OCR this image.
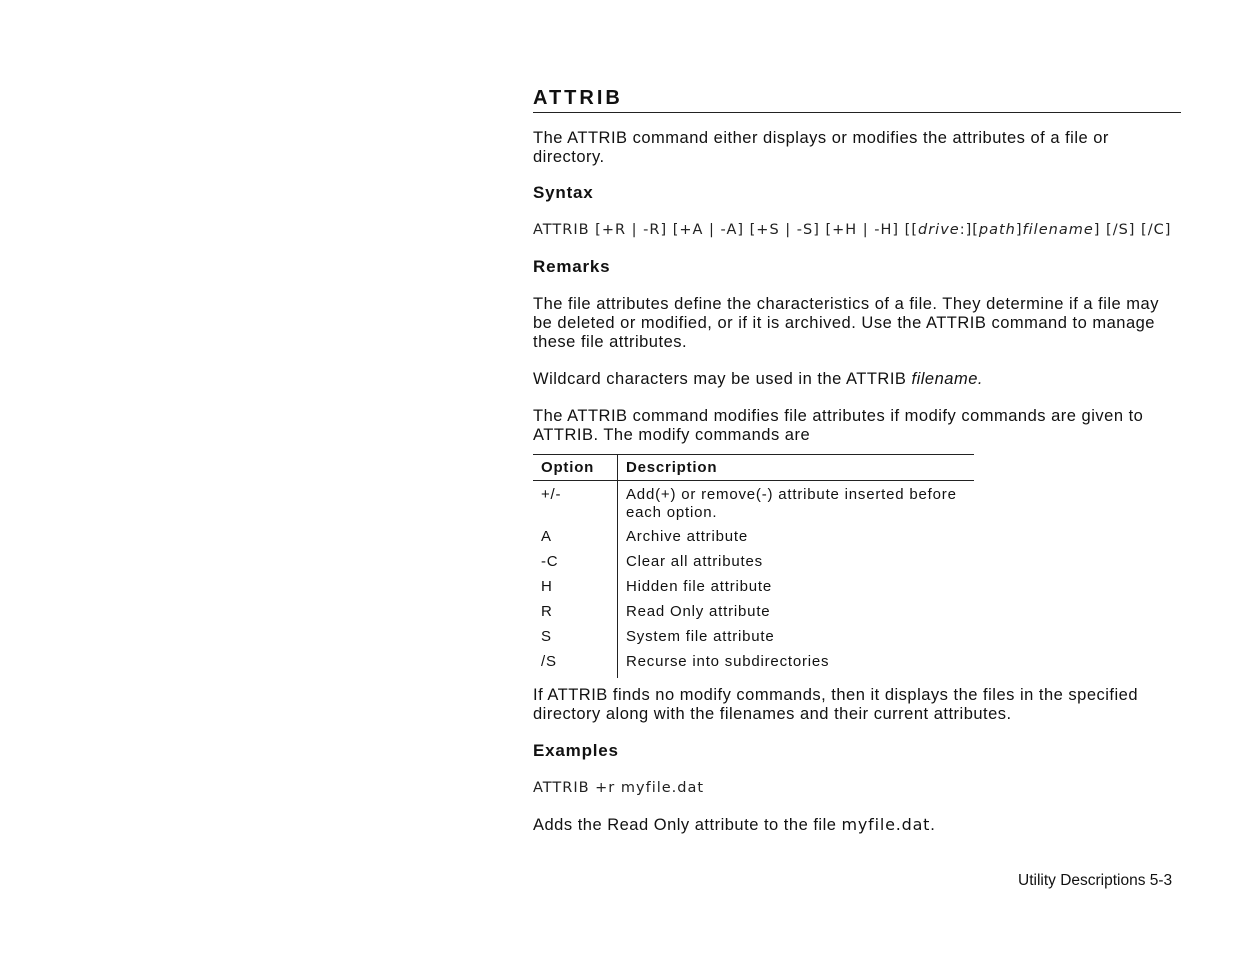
ATTRIB

The ATTRIB command either displays or modifies the attributes of a file or directory.

Syntax

ATTRIB [+R | -R] [+A | -A] [+S | -S] [+H | -H] [[drive:][path]filename] [/S] [/C]

Remarks

The file attributes define the characteristics of a file. They determine if a file may be deleted or modified, or if it is archived. Use the ATTRIB command to manage these file attributes.

Wildcard characters may be used in the ATTRIB filename.

The ATTRIB command modifies file attributes if modify commands are given to ATTRIB. The modify commands are

Option	Description
+/-	Add(+) or remove(-) attribute inserted before each option.
A	Archive attribute
-C	Clear all attributes
H	Hidden file attribute
R	Read Only attribute
S	System file attribute
/S	Recurse into subdirectories

If ATTRIB finds no modify commands, then it displays the files in the specified directory along with the filenames and their current attributes.

Examples

ATTRIB +r myfile.dat

Adds the Read Only attribute to the file myfile.dat.

Utility Descriptions 5-3
